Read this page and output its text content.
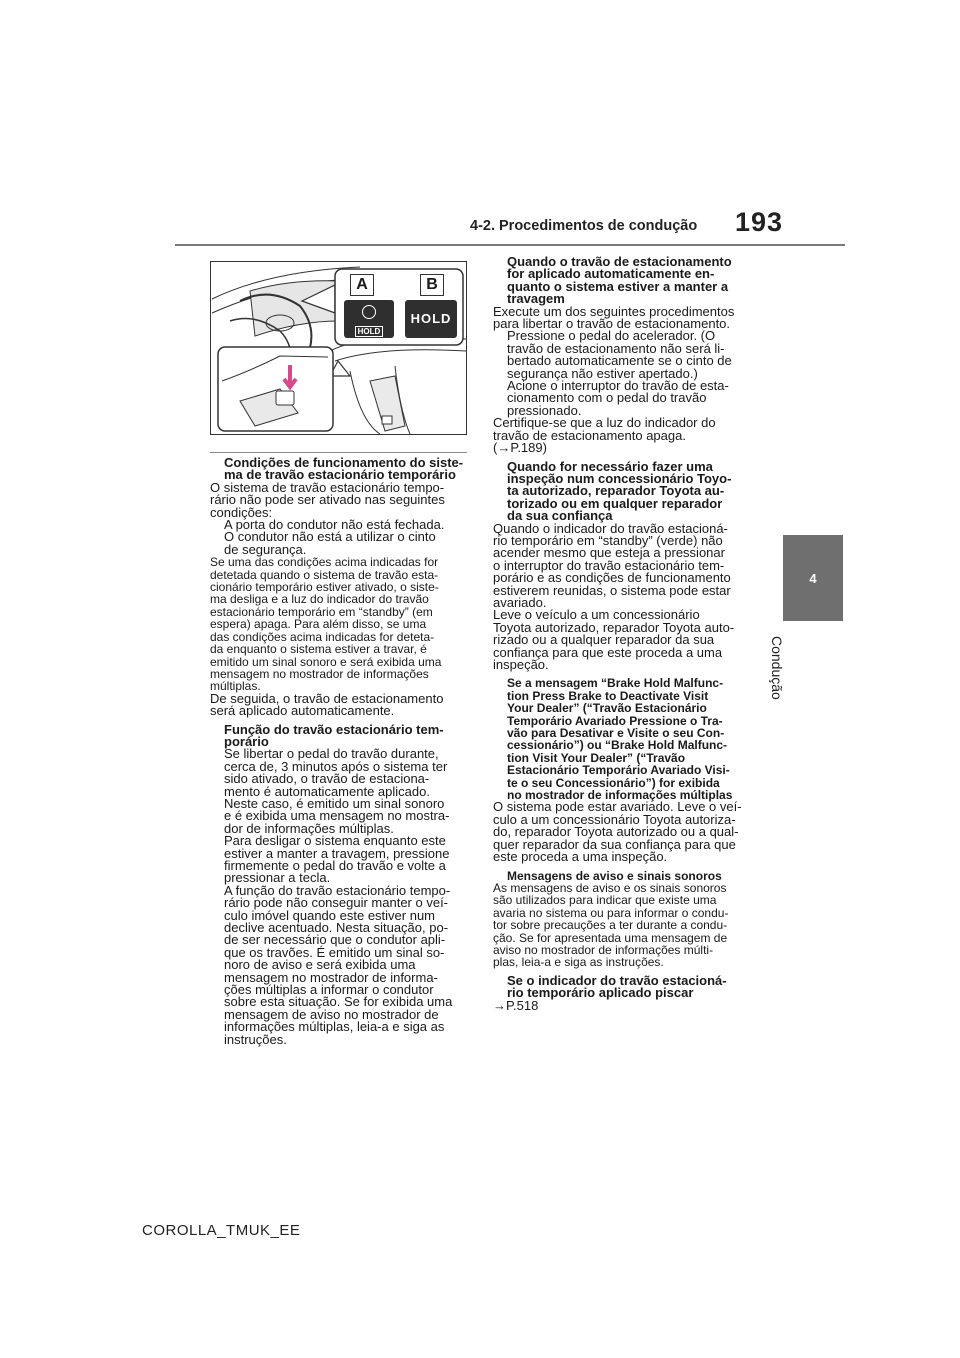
4-2. Procedimentos de condução 193
4
Condução
A	B
HOLD
HOLD
Condições de funcionamento do siste-
ma de travão estacionário temporário
O sistema de travão estacionário tempo-
rário não pode ser ativado nas seguintes
condições:
A porta do condutor não está fechada.
O condutor não está a utilizar o cinto
de segurança.
Se uma das condições acima indicadas for
detetada quando o sistema de travão esta-
cionário temporário estiver ativado, o siste-
ma desliga e a luz do indicador do travão
estacionário temporário em “standby” (em
espera) apaga. Para além disso, se uma
das condições acima indicadas for deteta-
da enquanto o sistema estiver a travar, é
emitido um sinal sonoro e será exibida uma
mensagem no mostrador de informações
múltiplas.
De seguida, o travão de estacionamento
será aplicado automaticamente.
Função do travão estacionário tem-
porário
Se libertar o pedal do travão durante,
cerca de, 3 minutos após o sistema ter
sido ativado, o travão de estaciona-
mento é automaticamente aplicado.
Neste caso, é emitido um sinal sonoro
e é exibida uma mensagem no mostra-
dor de informações múltiplas.
Para desligar o sistema enquanto este
estiver a manter a travagem, pressione
firmemente o pedal do travão e volte a
pressionar a tecla.
A função do travão estacionário tempo-
rário pode não conseguir manter o veí-
culo imóvel quando este estiver num
declive acentuado. Nesta situação, po-
de ser necessário que o condutor apli-
que os travões. É emitido um sinal so-
noro de aviso e será exibida uma
mensagem no mostrador de informa-
ções múltiplas a informar o condutor
sobre esta situação. Se for exibida uma
mensagem de aviso no mostrador de
informações múltiplas, leia-a e siga as
instruções.
Quando o travão de estacionamento
for aplicado automaticamente en-
quanto o sistema estiver a manter a
travagem
Execute um dos seguintes procedimentos
para libertar o travão de estacionamento.
Pressione o pedal do acelerador. (O
travão de estacionamento não será li-
bertado automaticamente se o cinto de
segurança não estiver apertado.)
Acione o interruptor do travão de esta-
cionamento com o pedal do travão
pressionado.
Certifique-se que a luz do indicador do
travão de estacionamento apaga.
(→P.189)
Quando for necessário fazer uma
inspeção num concessionário Toyo-
ta autorizado, reparador Toyota au-
torizado ou em qualquer reparador
da sua confiança
Quando o indicador do travão estacioná-
rio temporário em “standby” (verde) não
acender mesmo que esteja a pressionar
o interruptor do travão estacionário tem-
porário e as condições de funcionamento
estiverem reunidas, o sistema pode estar
avariado.
Leve o veículo a um concessionário
Toyota autorizado, reparador Toyota auto-
rizado ou a qualquer reparador da sua
confiança para que este proceda a uma
inspeção.
Se a mensagem “Brake Hold Malfunc-
tion Press Brake to Deactivate Visit
Your Dealer” (“Travão Estacionário
Temporário Avariado Pressione o Tra-
vão para Desativar e Visite o seu Con-
cessionário”) ou “Brake Hold Malfunc-
tion Visit Your Dealer” (“Travão
Estacionário Temporário Avariado Visi-
te o seu Concessionário”) for exibida
no mostrador de informações múltiplas
O sistema pode estar avariado. Leve o veí-
culo a um concessionário Toyota autoriza-
do, reparador Toyota autorizado ou a qual-
quer reparador da sua confiança para que
este proceda a uma inspeção.
Mensagens de aviso e sinais sonoros
As mensagens de aviso e os sinais sonoros
são utilizados para indicar que existe uma
avaria no sistema ou para informar o condu-
tor sobre precauções a ter durante a condu-
ção. Se for apresentada uma mensagem de
aviso no mostrador de informações múlti-
plas, leia-a e siga as instruções.
Se o indicador do travão estacioná-
rio temporário aplicado piscar
→P.518
COROLLA_TMUK_EE
